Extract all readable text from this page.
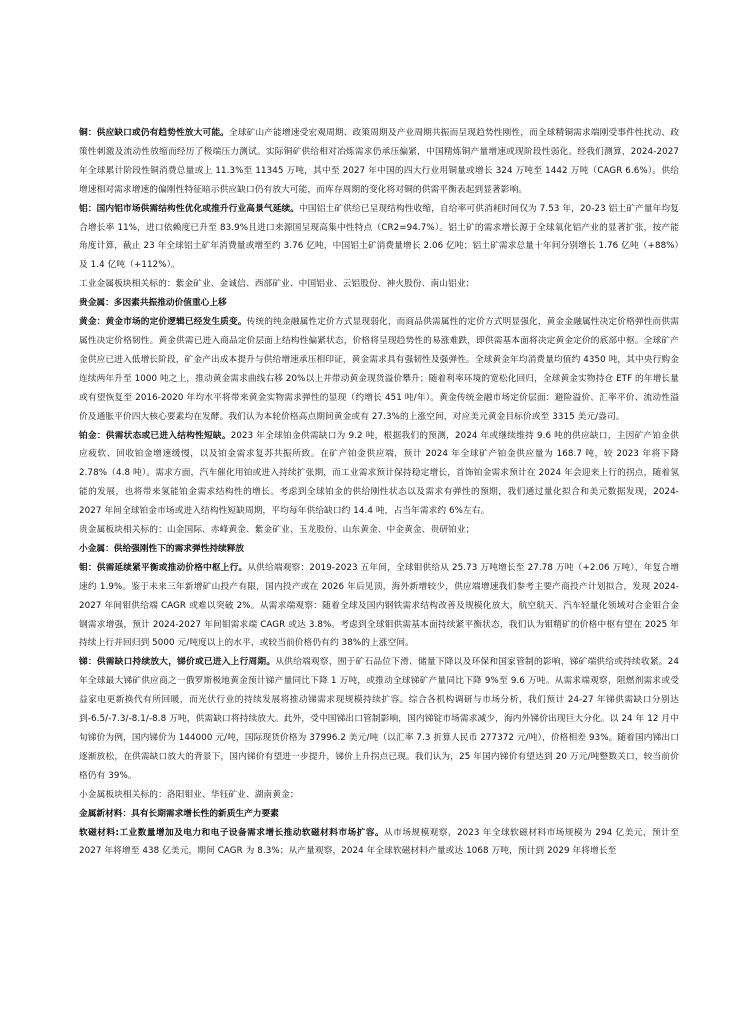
铜：供应缺口或仍有趋势性放大可能。全球矿山产能增速受宏观周期、政策周期及产业周期共振而呈现趋势性刚性，而全球精铜需求端刚受事件性扰动、政策性刺激及流动性放缩而经历了极端压力测试。实际铜矿供给相对冶炼需求仍承压偏紧，中国精炼铜产量增速或现阶段性弱化。经我们测算，2024-2027 年全球累计阶段性铜消费总量或上 11.3%至 11345 万吨，其中至 2027 年中国的四大行业用铜量或增长 324 万吨至 1442 万吨（CAGR 6.6%）。供给增速相对需求增速的偏刚性特征暗示供应缺口仍有放大可能，而库存周期的变化将对铜的供需平衡表起到显著影响。

铝：国内铝市场供需结构性优化或推升行业高景气延续。中国铝土矿供给已呈现结构性收缩，自给率可供消耗时间仅为 7.53 年，20-23 铝土矿产量年均复合增长率 11%，进口依赖度已升至 83.9%且进口来源国呈现高集中性特点（CR2=94.7%）。铝土矿的需求增长源于全球氧化铝产业的显著扩张，按产能角度计算，截止 23 年全球铝土矿年消费量或增至约 3.76 亿吨，中国铝土矿消费量增长 2.06 亿吨；铝土矿需求总量十年间分别增长 1.76 亿吨（+88%）及 1.4 亿吨（+112%）。

工业金属板块相关标的：紫金矿业、金诚信、西部矿业、中国铝业、云铝股份、神火股份、南山铝业；

贵金属：多因素共振推动价值重心上移

黄金：黄金市场的定价逻辑已经发生质变。传统的纯金融属性定价方式显现弱化，而商品供需属性的定价方式明显强化，黄金金融属性决定价格弹性而供需属性决定价格韧性。黄金供需已进入商品定价层面上结构性偏紧状态，价格将呈现趋势性的易涨难跌，即供需基本面将决定黄金定价的底部中枢。全球矿产金供应已进入低增长阶段，矿金产出成本提升与供给增速承压相印证，黄金需求具有强韧性及强弹性。全球黄金年均消费量均值约 4350 吨，其中央行购金连续两年升至 1000 吨之上，推动黄金需求曲线右移 20%以上并带动黄金现货溢价攀升；随着利率环境的宽松化回归，全球黄金实物持仓 ETF 的年增长量或有望恢复至 2016-2020 年均水平将带来黄金实物需求弹性的显现（约增长 451 吨/年）。黄金传统金融市场定价层面：避险溢价、汇率平价、流动性溢价及通胀平价四大核心要素均在发酵。我们认为本轮价格高点期间黄金或有 27.3%的上涨空间，对应美元黄金目标价或至 3315 美元/盎司。

铂金：供需状态或已进入结构性短缺。2023 年全球铂金供需缺口为 9.2 吨，根据我们的预测，2024 年或继续维持 9.6 吨的供应缺口，主因矿产铂金供应疲软、回收铂金增速缓慢，以及铂金需求复苏共振所致。在矿产铂金供应端，预计 2024 年全球矿产铂金供应量为 168.7 吨，较 2023 年将下降 2.78%（4.8 吨）。需求方面，汽车催化用铂或进入持续扩张期，而工业需求预计保持稳定增长，首饰铂金需求预计在 2024 年会迎来上行的拐点，随着氢能的发展，也将带来氢能铂金需求结构性的增长。考虑到全球铂金的供给刚性状态以及需求有弹性的预期，我们通过量化拟合和美元数据发现，2024-2027 年间全球铂金市场或进入结构性短缺周期，平均每年供给缺口约 14.4 吨，占当年需求约 6%左右。

贵金属板块相关标的：山金国际、赤峰黄金、紫金矿业、玉龙股份、山东黄金、中金黄金、贵研铂业；

小金属：供给强刚性下的需求弹性持续释放

钼：供需延续紧平衡或推动价格中枢上行。从供给端观察：2019-2023 五年间，全球钼供给从 25.73 万吨增长至 27.78 万吨（+2.06 万吨），年复合增速约 1.9%。鉴于未来三年新增矿山投产有限，国内投产或在 2026 年后见顶，海外新增较少，供应端增速我们参考主要产商投产计划拟合，发现 2024-2027 年间钼供给端 CAGR 或难以突破 2%。从需求端观察：随着全球及国内钢铁需求结构改善及规模化放大，航空航天、汽车轻量化领域对合金钼合金钢需求增强，预计 2024-2027 年间钼需求端 CAGR 或达 3.8%。考虑到全球钼供需基本面持续紧平衡状态，我们认为钼精矿的价格中枢有望在 2025 年持续上行并回归到 5000 元/吨度以上的水平，或较当前价格仍有约 38%的上涨空间。

锑：供需缺口持续放大，锑价或已进入上行周期。从供给端观察，囿于矿石品位下滑、储量下降以及环保和国家管制的影响，锑矿端供给或持续收紧。24 年全球最大锑矿供应商之一俄罗斯极地黄金预计锑产量同比下降 1 万吨，或推动全球锑矿产量同比下降 9%至 9.6 万吨。从需求端观察，阻燃剂需求或受益家电更新换代有所回暖，而光伏行业的持续发展将推动锑需求现规模持续扩容。综合各机构调研与市场分析，我们预计 24-27 年锑供需缺口分别达到-6.5/-7.3/-8.1/-8.8 万吨，供需缺口将持续放大。此外，受中国锑出口管制影响，国内锑锭市场需求减少，海内外锑价出现巨大分化。以 24 年 12 月中旬锑价为例，国内锑价为 144000 元/吨，国际现货价格为 37996.2 美元/吨（以汇率 7.3 折算人民币 277372 元/吨），价格相差 93%。随着国内锑出口逐渐放松，在供需缺口放大的背景下，国内锑价有望进一步提升，锑价上升拐点已现。我们认为，25 年国内锑价有望达到 20 万元/吨整数关口，较当前价格仍有 39%。

小金属板块相关标的：洛阳钼业、华钰矿业、湖南黄金；

金属新材料：具有长期需求增长性的新质生产力要素

软磁材料:工业数量增加及电力和电子设备需求增长推动软磁材料市场扩容。从市场规模观察，2023 年全球软磁材料市场规模为 294 亿美元，预计至 2027 年将增至 438 亿美元，期间 CAGR 为 8.3%；从产量观察，2024 年全球软磁材料产量或达 1068 万吨，预计到 2029 年将增长至
